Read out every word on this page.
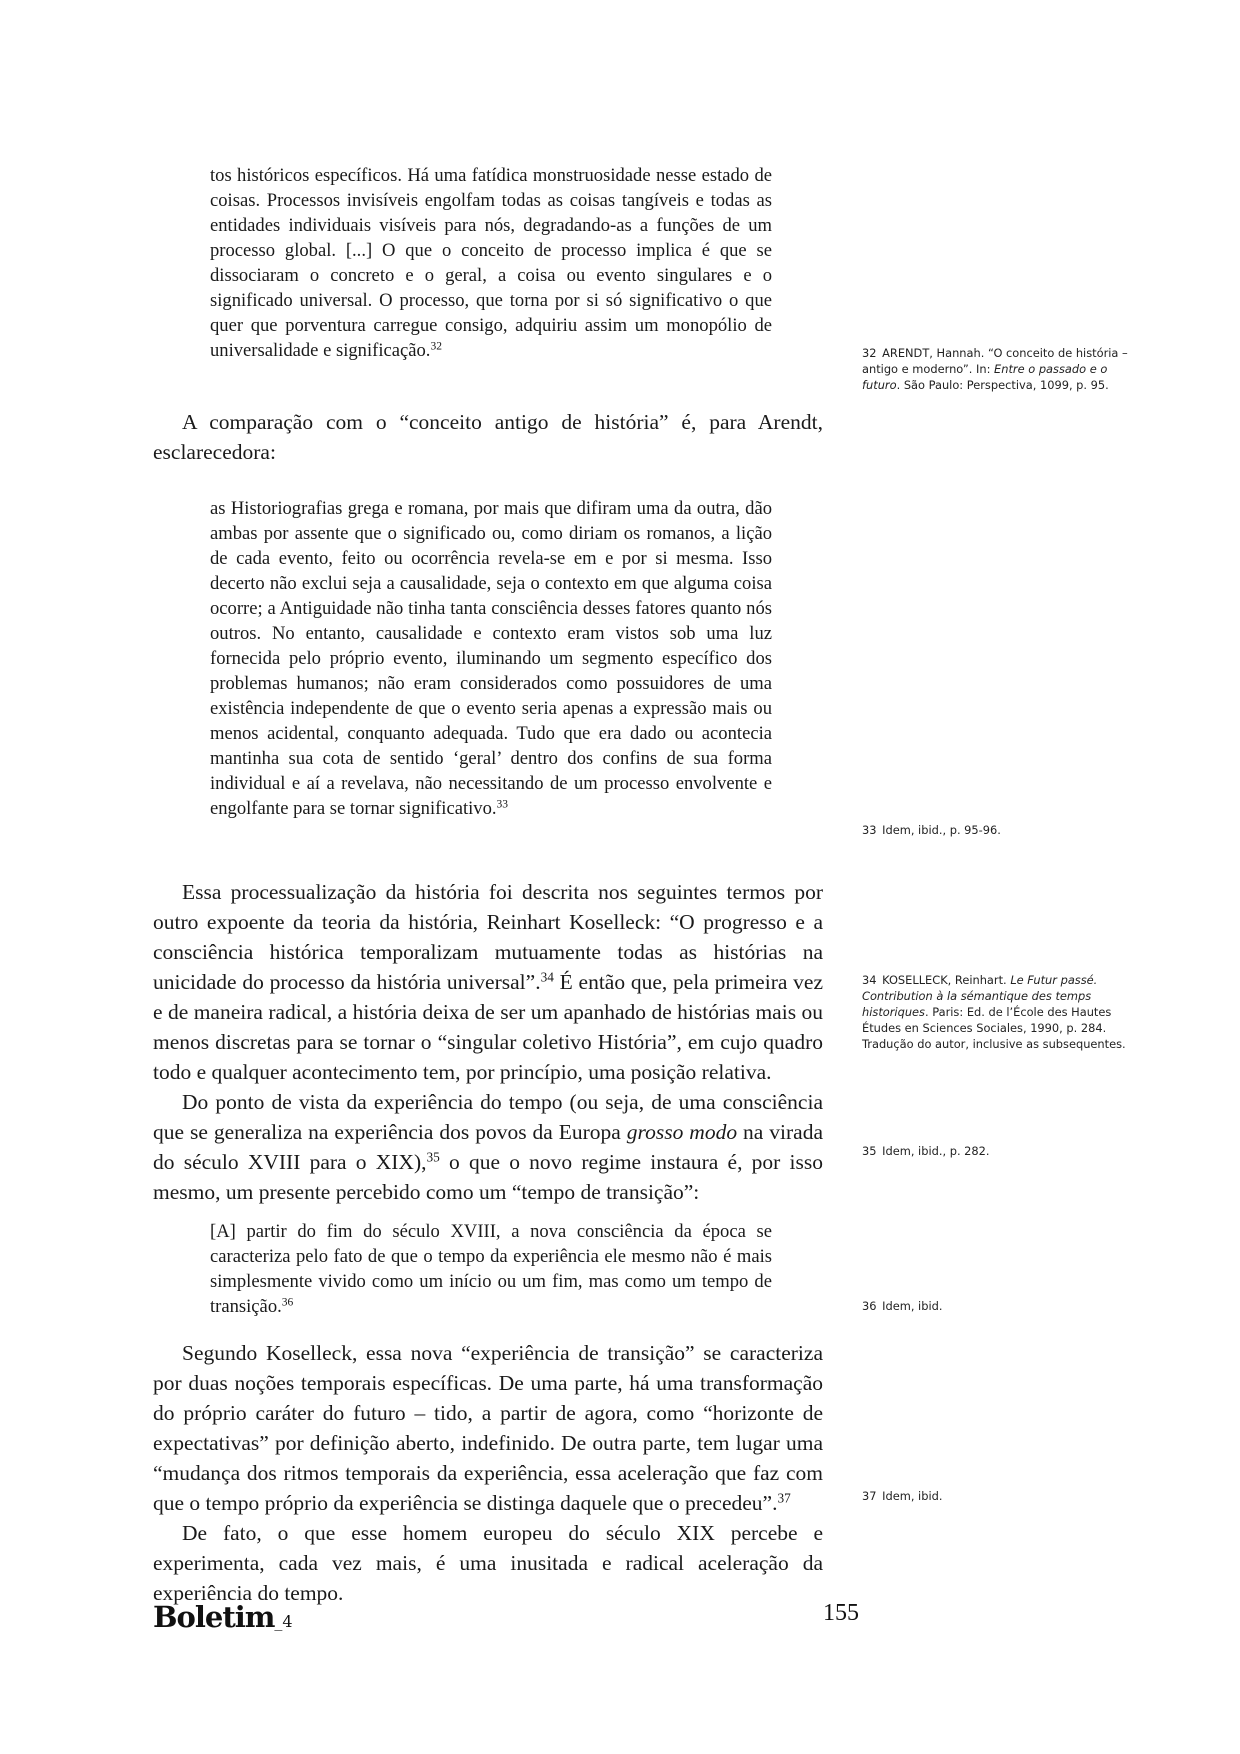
tos históricos específicos. Há uma fatídica monstruosidade nesse estado de coisas. Processos invisíveis engolfam todas as coisas tangíveis e todas as entidades individuais visíveis para nós, degradando-as a funções de um processo global. [...] O que o conceito de processo implica é que se dissociaram o concreto e o geral, a coisa ou evento singulares e o significado universal. O processo, que torna por si só significativo o que quer que porventura carregue consigo, adquiriu assim um monopólio de universalidade e significação.$^{32}$

A comparação com o “conceito antigo de história” é, para Arendt, esclarecedora:

as Historiografias grega e romana, por mais que difiram uma da outra, dão ambas por assente que o significado ou, como diriam os romanos, a lição de cada evento, feito ou ocorrência revela-se em e por si mesma. Isso decerto não exclui seja a causalidade, seja o contexto em que alguma coisa ocorre; a Antiguidade não tinha tanta consciência desses fatores quanto nós outros. No entanto, causalidade e contexto eram vistos sob uma luz fornecida pelo próprio evento, iluminando um segmento específico dos problemas humanos; não eram considerados como possuidores de uma existência independente de que o evento seria apenas a expressão mais ou menos acidental, conquanto adequada. Tudo que era dado ou acontecia mantinha sua cota de sentido ‘geral’ dentro dos confins de sua forma individual e aí a revelava, não necessitando de um processo envolvente e engolfante para se tornar significativo.$^{33}$

Essa processualização da história foi descrita nos seguintes termos por outro expoente da teoria da história, Reinhart Koselleck: “O progresso e a consciência histórica temporalizam mutuamente todas as histórias na unicidade do processo da história universal”.$^{34}$ É então que, pela primeira vez e de maneira radical, a história deixa de ser um apanhado de histórias mais ou menos discretas para se tornar o “singular coletivo História”, em cujo quadro todo e qualquer acontecimento tem, por princípio, uma posição relativa.

Do ponto de vista da experiência do tempo (ou seja, de uma consciência que se generaliza na experiência dos povos da Europa grosso modo na virada do século XVIII para o XIX),$^{35}$ o que o novo regime instaura é, por isso mesmo, um presente percebido como um “tempo de transição”:

[A] partir do fim do século XVIII, a nova consciência da época se caracteriza pelo fato de que o tempo da experiência ele mesmo não é mais simplesmente vivido como um início ou um fim, mas como um tempo de transição.$^{36}$

Segundo Koselleck, essa nova “experiência de transição” se caracteriza por duas noções temporais específicas. De uma parte, há uma transformação do próprio caráter do futuro – tido, a partir de agora, como “horizonte de expectativas” por definição aberto, indefinido. De outra parte, tem lugar uma “mudança dos ritmos temporais da experiência, essa aceleração que faz com que o tempo próprio da experiência se distinga daquele que o precedeu”.$^{37}$

De fato, o que esse homem europeu do século XIX percebe e experimenta, cada vez mais, é uma inusitada e radical aceleração da experiência do tempo.

32 ARENDT, Hannah. “O conceito de história – antigo e moderno”. In: Entre o passado e o futuro. São Paulo: Perspectiva, 1099, p. 95.
33 Idem, ibid., p. 95-96.
34 KOSELLECK, Reinhart. Le Futur passé. Contribution à la sémantique des temps historiques. Paris: Ed. de l’École des Hautes Études en Sciences Sociales, 1990, p. 284. Tradução do autor, inclusive as subsequentes.
35 Idem, ibid., p. 282.
36 Idem, ibid.
37 Idem, ibid.
Boletim_4	155
